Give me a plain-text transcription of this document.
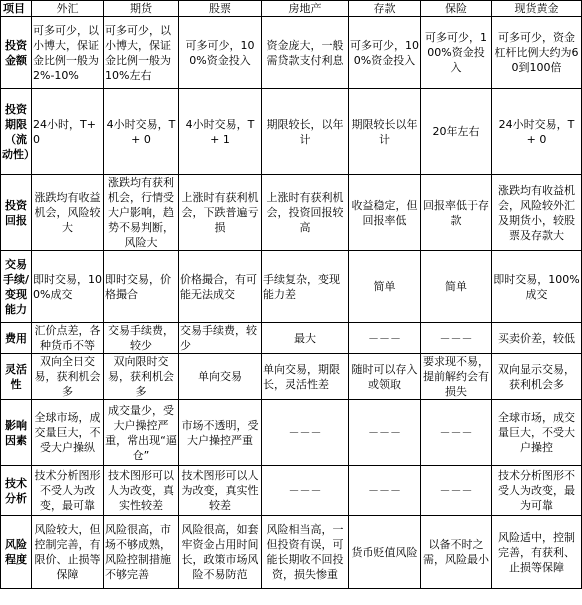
项目	外汇	期货	股票	房地产	存款	保险	现货黄金
投资金额	可多可少，以小博大，保证金比例一般为2%-10%	可多可少，以小博大，保证金比例一般为10%左右	可多可少，100%资金投入	资金庞大，一般需贷款支付利息	可多可少，100%资金投入	可多可少，100%资金投入	可多可少，资金杠杆比例大约为60到100倍
投资期限（流动性）	24小时，T+0	4小时交易，T + 0	4小时交易，T + 1	期限较长，以年计	期限较长以年计	20年左右	24小时交易，T + 0
投资回报	涨跌均有收益机会，风险较大	涨跌均有获利机会，行情受大户影响，趋势不易判断，风险大	上涨时有获利机会，下跌普遍亏损	上涨时有获利机会，投资回报较高	收益稳定，但回报率低	回报率低于存款	涨跌均有收益机会，风险较外汇及期货小，较股票及存款大
交易手续/变现能力	即时交易，100%成交	即时交易，价格撮合	价格撮合，有可能无法成交	手续复杂，变现能力差	简单	简单	即时交易，100%成交
费用	汇价点差，各种货币不等	交易手续费，较少	交易手续费，较少	最大	－－－	－－－	买卖价差，较低
灵活性	双向全日交易，获利机会多	双向限时交易，获利机会多	单向交易	单向交易，期限长，灵活性差	随时可以存入或领取	要求现不易，提前解约会有损失	双向显示交易，获利机会多
影响因素	全球市场，成交量巨大，不受大户操纵	成交量少，受大户操控严重，常出现“逼仓”	市场不透明，受大户操控严重	－－－	－－－	－－－	全球市场，成交量巨大，不受大户操控
技术分析	技术分析图形不受人为改变，最可靠	技术图形可以人为改变，真实性较差	技术图形可以人为改变，真实性较差	－－－	－－－	－－－	技术分析图形不受人为改变，最为可靠
风险程度	风险较大，但控制完善，有限价、止损等保障	风险很高，市场不够成熟，风险控制措施不够完善	风险很高，如套牢资金占用时间长，政策市场风险不易防范	风险相当高，一但投资有误，可能长期收不回投资，损失惨重	货币贬值风险	以备不时之需，风险最小	风险适中，控制完善，有获利、止损等保障
